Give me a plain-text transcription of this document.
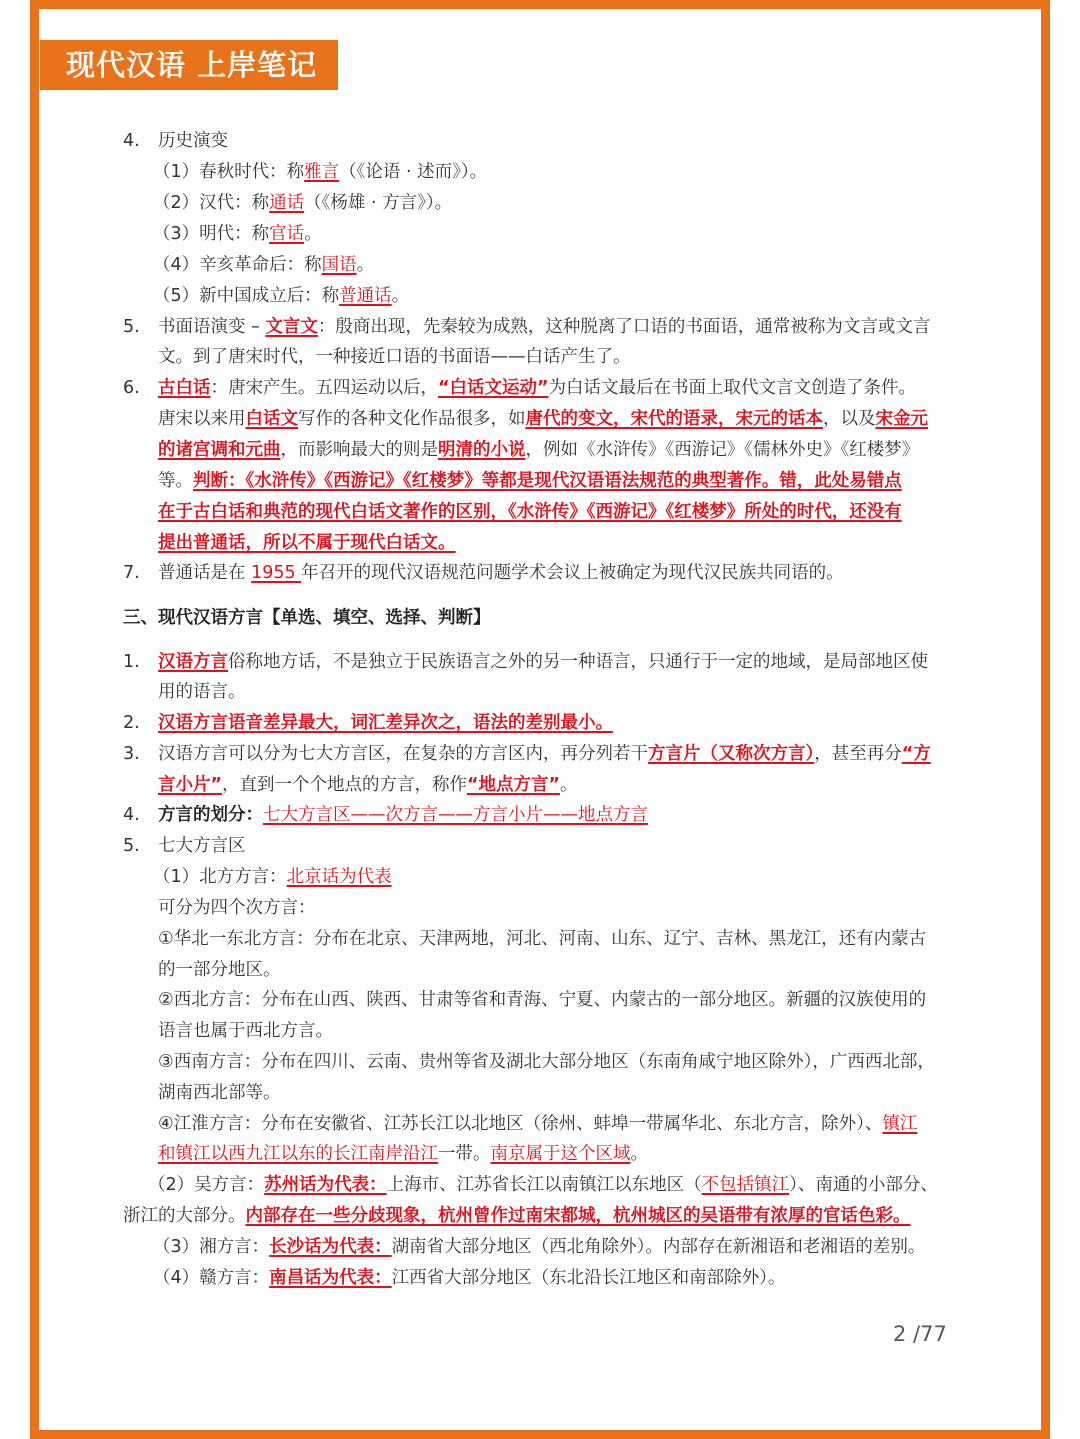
现代汉语 上岸笔记
4. 历史演变
（1）春秋时代：称雅言（《论语 · 述而》）。
（2）汉代：称通话（《杨雄 · 方言》）。
（3）明代：称官话。
（4）辛亥革命后：称国语。
（5）新中国成立后：称普通话。
5. 书面语演变 – 文言文：殷商出现，先秦较为成熟，这种脱离了口语的书面语，通常被称为文言或文言
文。到了唐宋时代，一种接近口语的书面语——白话产生了。
6. 古白话：唐宋产生。五四运动以后，“白话文运动”为白话文最后在书面上取代文言文创造了条件。
唐宋以来用白话文写作的各种文化作品很多，如唐代的变文，宋代的语录，宋元的话本，以及宋金元
的诸宫调和元曲，而影响最大的则是明清的小说，例如《水浒传》《西游记》《儒林外史》《红楼梦》
等。判断：《水浒传》《西游记》《红楼梦》等都是现代汉语语法规范的典型著作。错，此处易错点
在于古白话和典范的现代白话文著作的区别，《水浒传》《西游记》《红楼梦》所处的时代，还没有
提出普通话，所以不属于现代白话文。
7. 普通话是在 1955 年召开的现代汉语规范问题学术会议上被确定为现代汉民族共同语的。
三、现代汉语方言【单选、填空、选择、判断】
1. 汉语方言俗称地方话，不是独立于民族语言之外的另一种语言，只通行于一定的地域，是局部地区使
用的语言。
2. 汉语方言语音差异最大，词汇差异次之，语法的差别最小。
3. 汉语方言可以分为七大方言区，在复杂的方言区内，再分列若干方言片（又称次方言），甚至再分“方
言小片”，直到一个个地点的方言，称作“地点方言”。
4. 方言的划分：七大方言区——次方言——方言小片——地点方言
5. 七大方言区
（1）北方方言：北京话为代表
可分为四个次方言：
①华北一东北方言：分布在北京、天津两地，河北、河南、山东、辽宁、吉林、黑龙江，还有内蒙古
的一部分地区。
②西北方言：分布在山西、陕西、甘肃等省和青海、宁夏、内蒙古的一部分地区。新疆的汉族使用的
语言也属于西北方言。
③西南方言：分布在四川、云南、贵州等省及湖北大部分地区（东南角咸宁地区除外），广西西北部，
湖南西北部等。
④江淮方言：分布在安徽省、江苏长江以北地区（徐州、蚌埠一带属华北、东北方言，除外）、镇江
和镇江以西九江以东的长江南岸沿江一带。南京属于这个区域。
（2）吴方言：苏州话为代表：上海市、江苏省长江以南镇江以东地区（不包括镇江）、南通的小部分、
浙江的大部分。内部存在一些分歧现象，杭州曾作过南宋都城，杭州城区的吴语带有浓厚的官话色彩。
（3）湘方言：长沙话为代表：湖南省大部分地区（西北角除外）。内部存在新湘语和老湘语的差别。
（4）赣方言：南昌话为代表：江西省大部分地区（东北沿长江地区和南部除外）。
2 /77
